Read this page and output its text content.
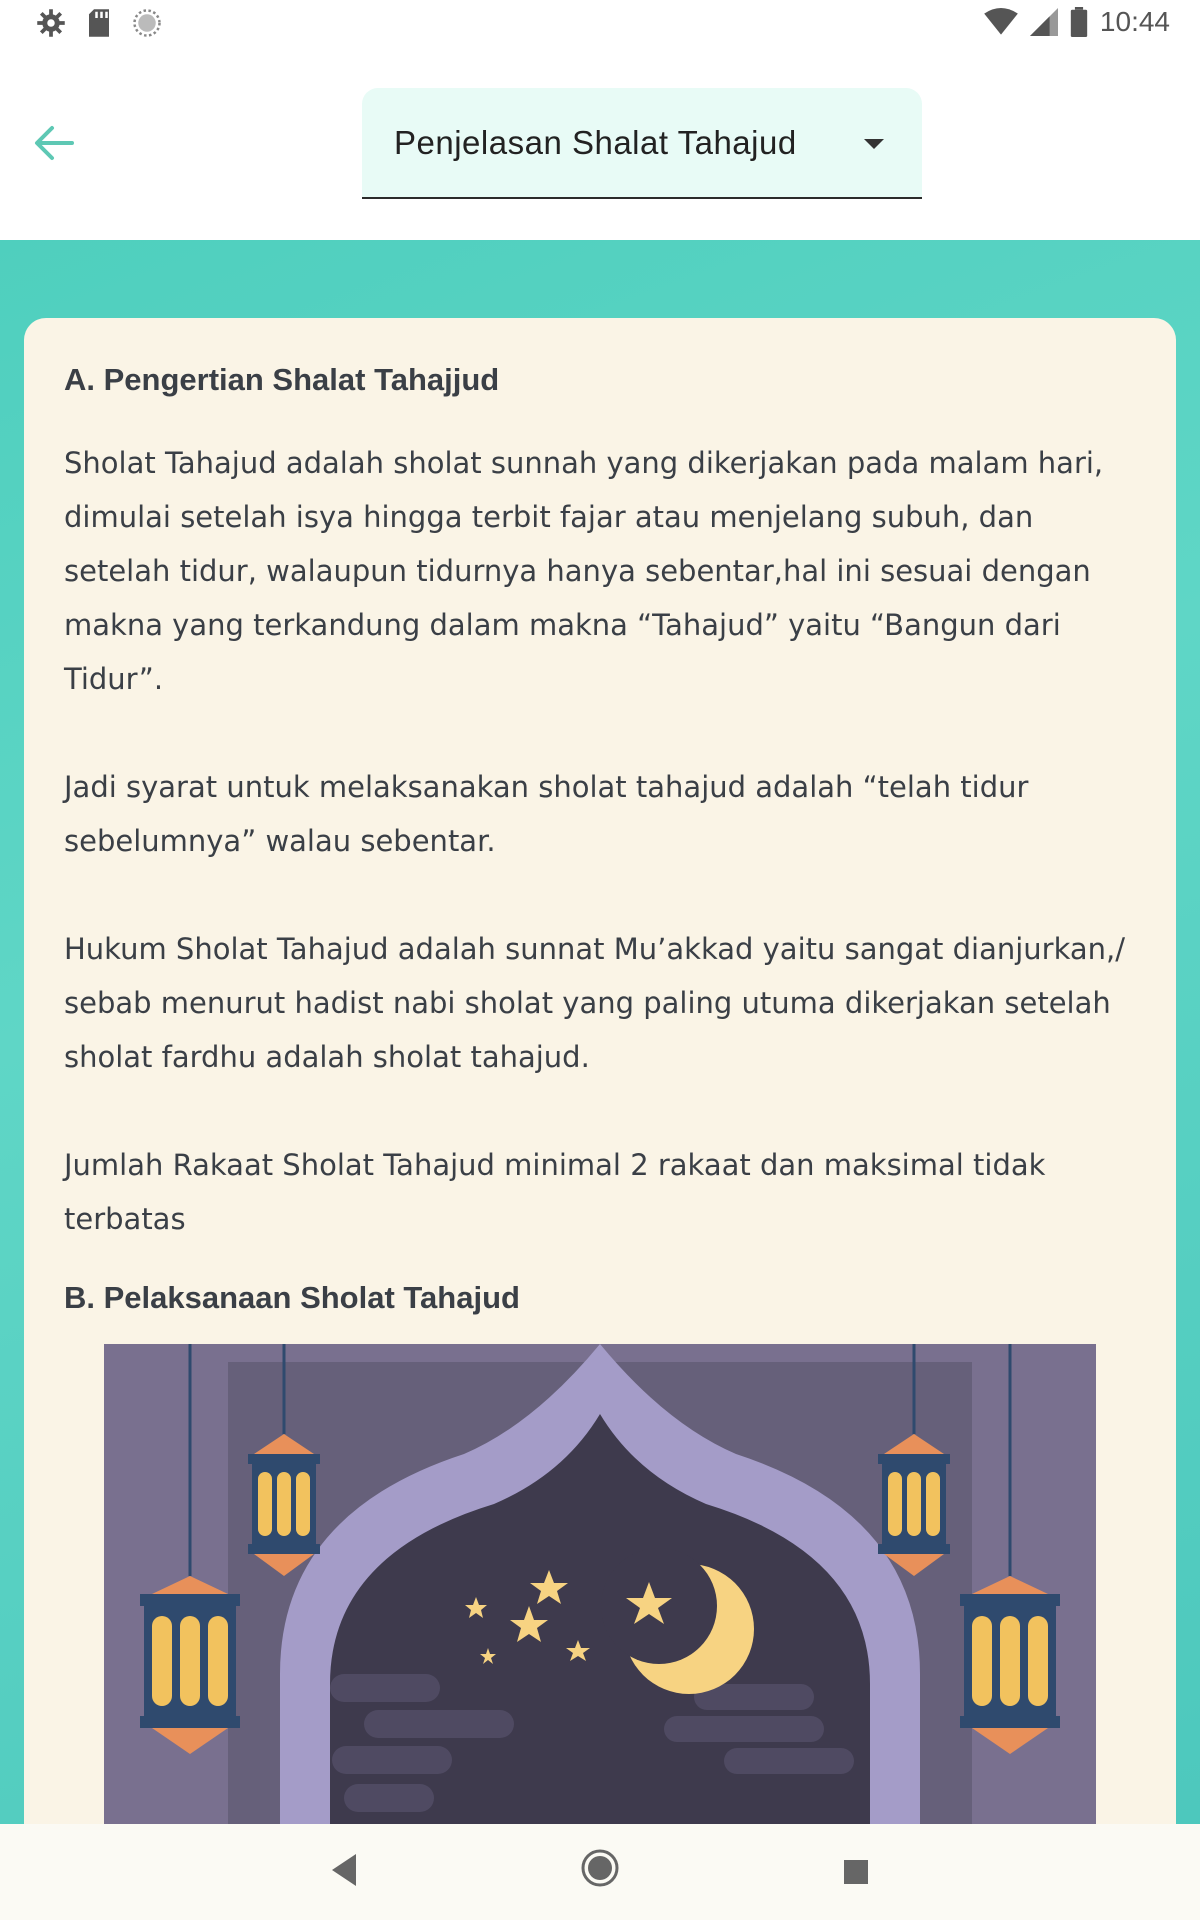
10:44
Penjelasan Shalat Tahajud
A. Pengertian Shalat Tahajjud

Sholat Tahajud adalah sholat sunnah yang dikerjakan pada malam hari, dimulai setelah isya hingga terbit fajar atau menjelang subuh, dan setelah tidur, walaupun tidurnya hanya sebentar,hal ini sesuai dengan makna yang terkandung dalam makna “Tahajud” yaitu “Bangun dari Tidur”.

Jadi syarat untuk melaksanakan sholat tahajud adalah “telah tidur sebelumnya” walau sebentar.

Hukum Sholat Tahajud adalah sunnat Mu’akkad yaitu sangat dianjurkan,/ sebab menurut hadist nabi sholat yang paling utuma dikerjakan setelah sholat fardhu adalah sholat tahajud.

Jumlah Rakaat Sholat Tahajud minimal 2 rakaat dan maksimal tidak terbatas

B. Pelaksanaan Sholat Tahajud
